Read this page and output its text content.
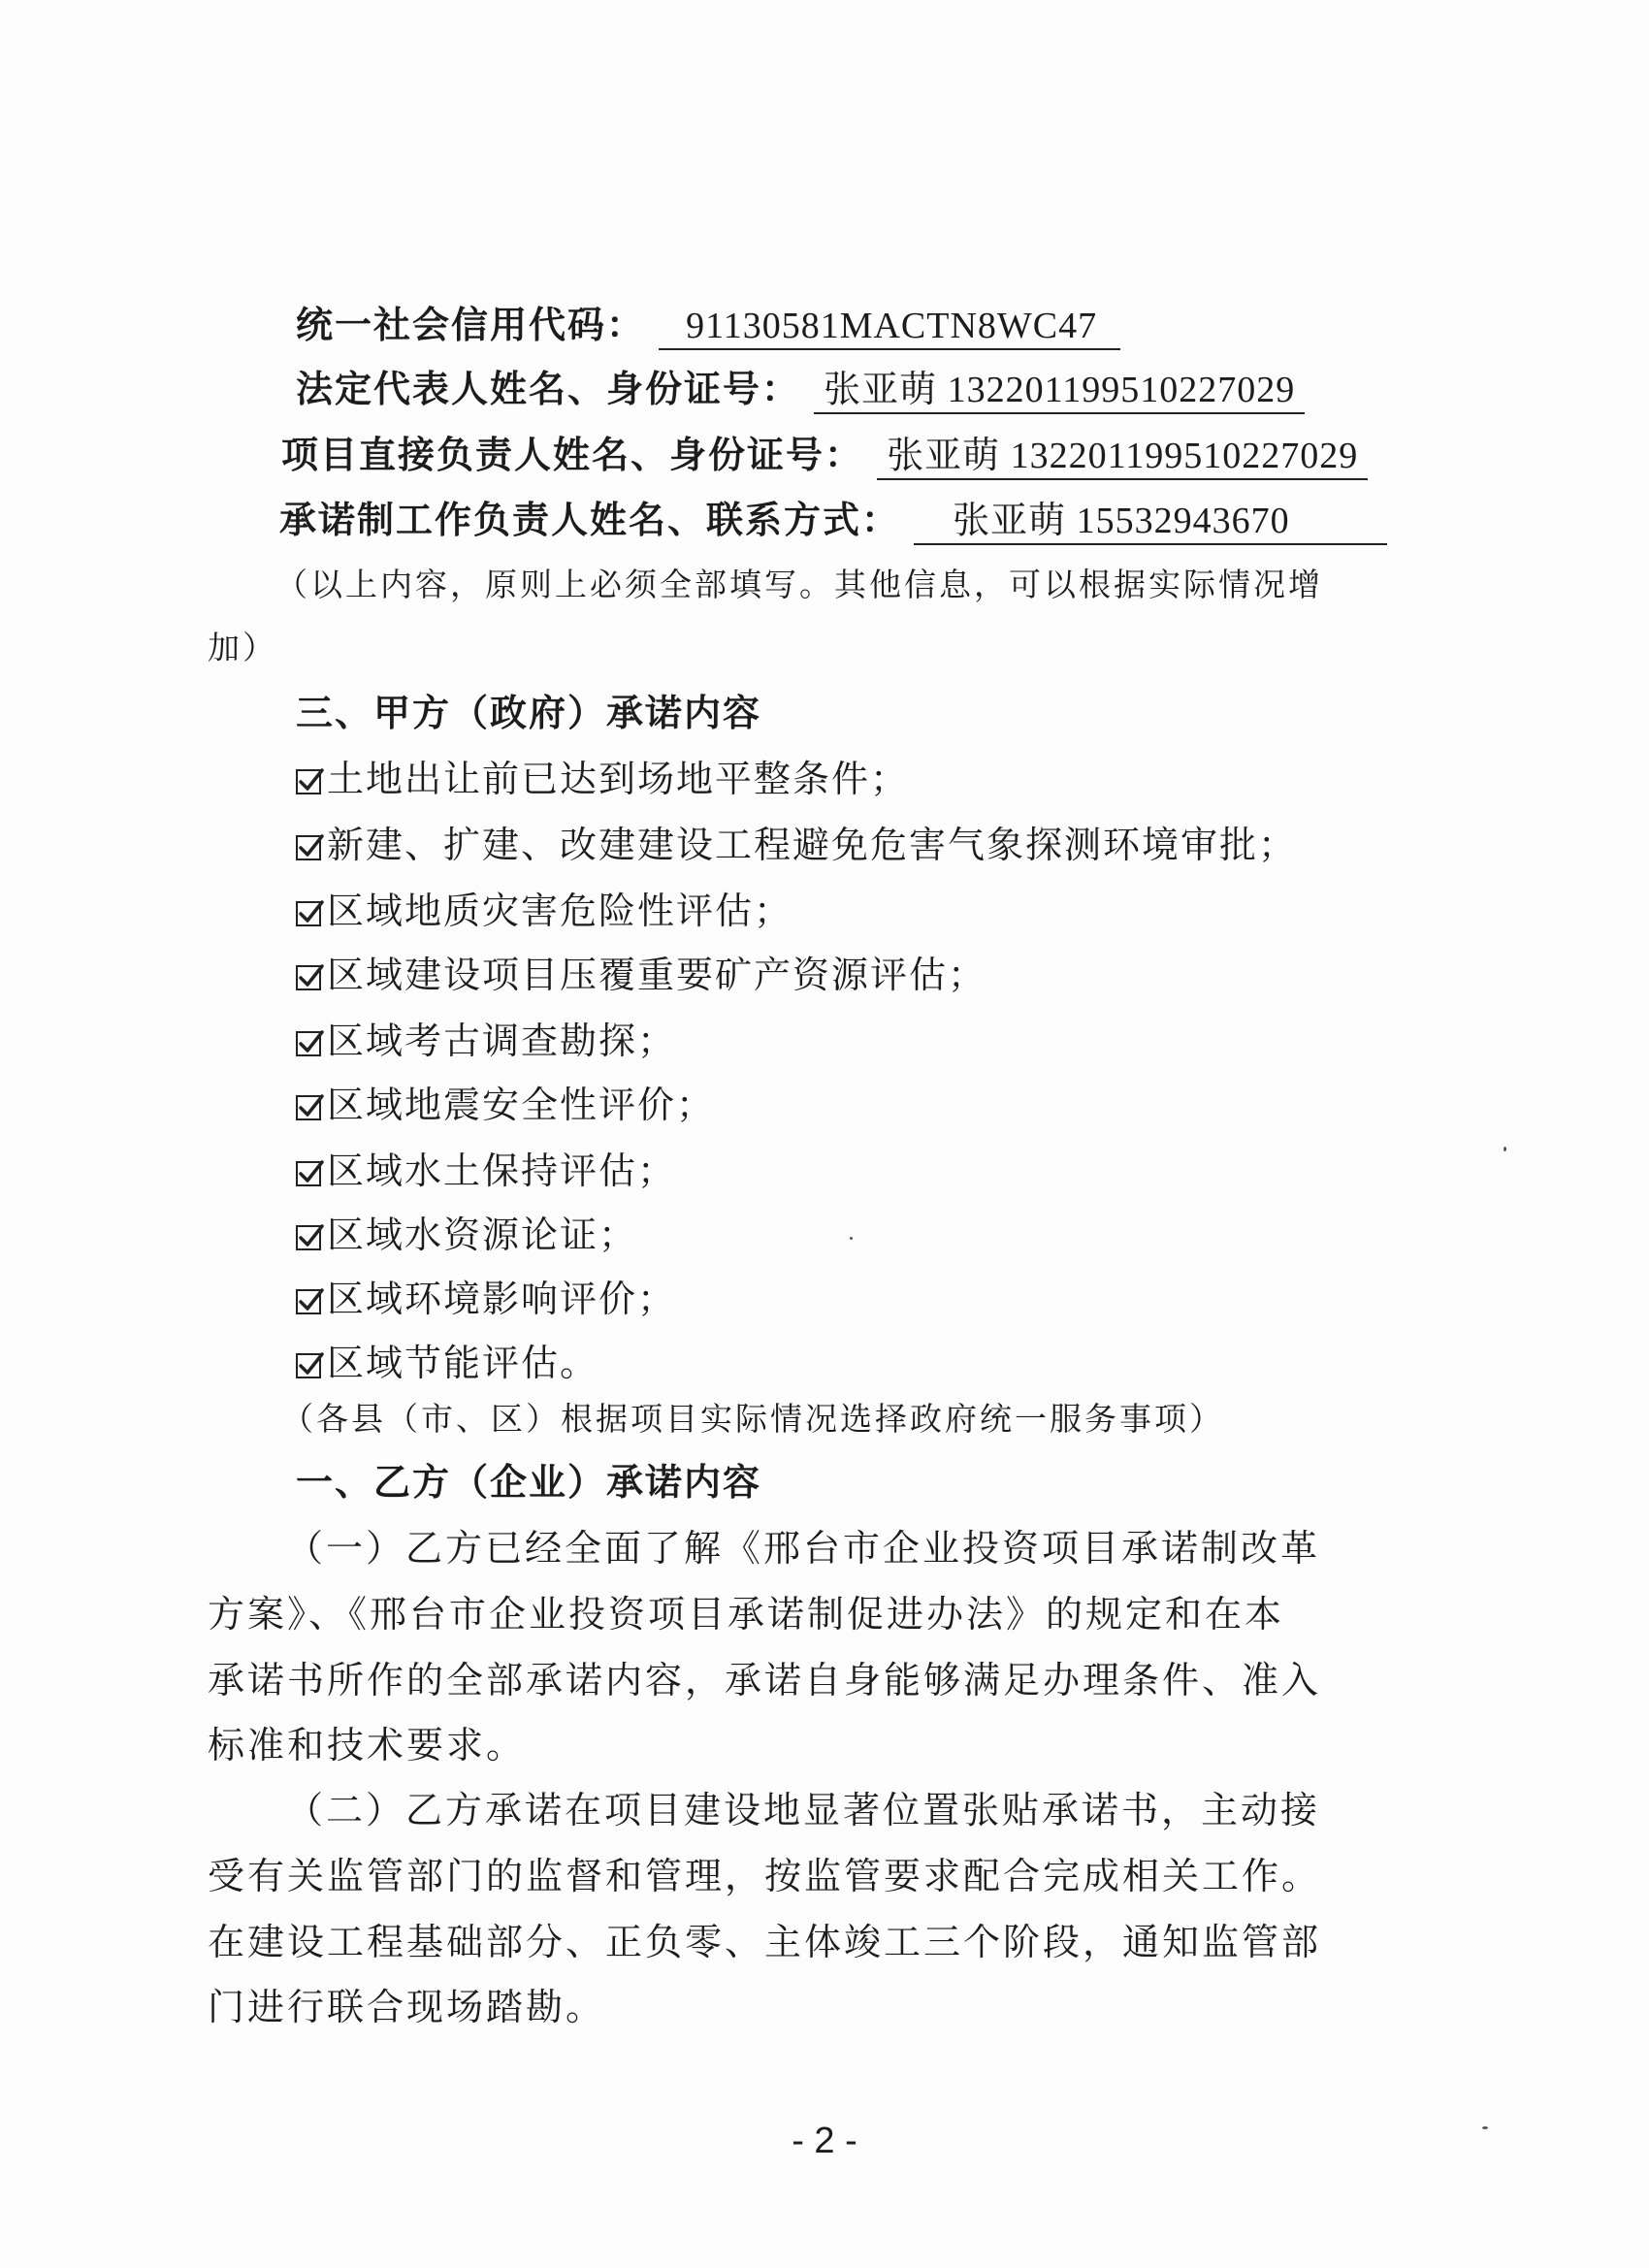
统一社会信用代码： 91130581MACTN8WC47
法定代表人姓名、身份证号： 张亚萌 132201199510227029
项目直接负责人姓名、身份证号： 张亚萌 132201199510227029
承诺制工作负责人姓名、联系方式： 张亚萌 15532943670
（以上内容，原则上必须全部填写。其他信息，可以根据实际情况增
加）
三、甲方（政府）承诺内容
土地出让前已达到场地平整条件；
新建、扩建、改建建设工程避免危害气象探测环境审批；
区域地质灾害危险性评估；
区域建设项目压覆重要矿产资源评估；
区域考古调查勘探；
区域地震安全性评价；
区域水土保持评估；
区域水资源论证；
区域环境影响评价；
区域节能评估。
（各县（市、区）根据项目实际情况选择政府统一服务事项）
一、乙方（企业）承诺内容
（一）乙方已经全面了解《邢台市企业投资项目承诺制改革
方案》、《邢台市企业投资项目承诺制促进办法》的规定和在本
承诺书所作的全部承诺内容，承诺自身能够满足办理条件、准入
标准和技术要求。
（二）乙方承诺在项目建设地显著位置张贴承诺书，主动接
受有关监管部门的监督和管理，按监管要求配合完成相关工作。
在建设工程基础部分、正负零、主体竣工三个阶段，通知监管部
门进行联合现场踏勘。
- 2 -
